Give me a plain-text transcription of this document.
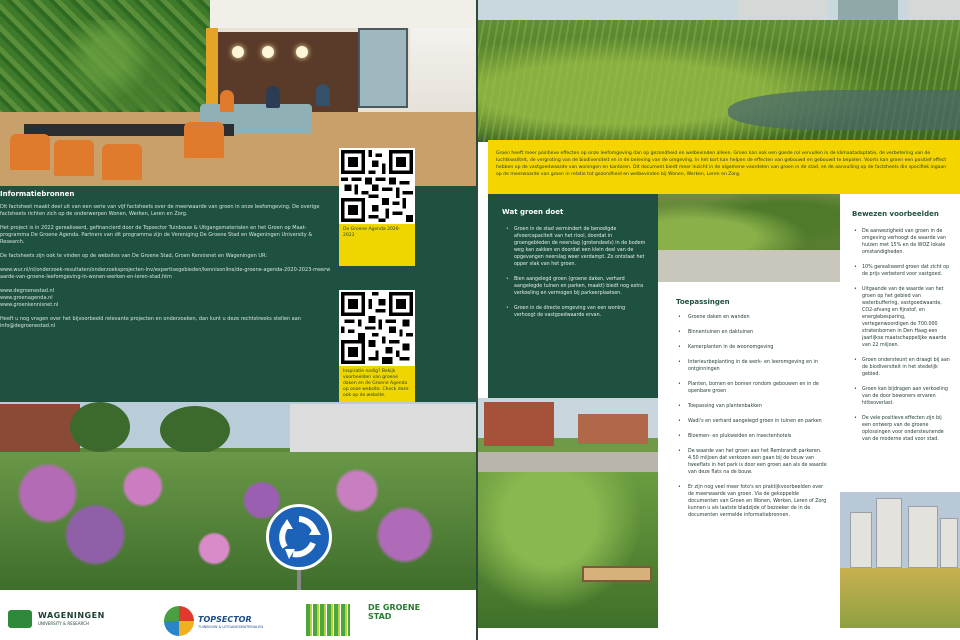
De Groene Agenda 2020-2023
Inspiratie nodig? Bekijk voorbeelden van groene daken en de Groene Agenda op onze website. Check deze ook op de website.
Informatiebronnen

Dit factsheet maakt deel uit van een serie van vijf factsheets over de meerwaarde van groen in onze leefomgeving. De overige factsheets richten zich op de onderwerpen Wonen, Werken, Leren en Zorg.

Het project is in 2022 gerealiseerd, gefinancierd door de Topsector Tuinbouw & Uitgangsmaterialen en het Groen op Maat-programma De Groene Agenda. Partners van dit programma zijn de Vereniging De Groene Stad en Wageningen University & Research.

De factsheets zijn ook te vinden op de websites van De Groene Stad, Groen Kennisnet en Wageningen UR:

www.wur.nl/nl/onderzoek-resultaten/onderzoeksprojecten-lnv/expertisegebieden/kennisonline/de-groene-agenda-2020-2023-meerwaarde-van-groene-leefomgeving-in-wonen-werken-en-leren-stad.htm

www.degroenestad.nl
www.groenagenda.nl
www.groenkennisnet.nl

Heeft u nog vragen over het bijvoorbeeld relevante projecten en onderzoeken, dan kunt u deze rechtstreeks stellen aan info@degroenestad.nl

WAGENINGEN
UNIVERSITY & RESEARCH	TOPSECTOR
TUINBOUW & UITGANGSMATERIALEN
DE GROENE STAD
Groen heeft meer positieve effecten op onze leefomgeving dan op gezondheid en welbevinden alleen. Groen kan ook een goede rol vervullen in de klimaatadaptatie, de verbetering van de luchtkwaliteit, de vergroting van de biodiversiteit en in de beleving van de omgeving. In het kort kan helpen de effecten van gebouwd en gebouwd te bepalen. Voorts kan groen een positief effect hebben op de vastgoedwaarde van woningen en kantoren. Dit document biedt meer inzicht in de algemene voordelen van groen in de stad, en de aanvulling op de factsheets die specifiek ingaan op de meerwaarde van groen in relatie tot gezondheid en welbevinden bij Wonen, Werken, Leren en Zorg.
Wat groen doet
• Groen in de stad vermindert de benodigde afvoercapaciteit van het riool, doordat in groengebieden de neerslag (grotendeels) in de bodem weg kan zakken en doordat een klein deel van de opgevangen neerslag weer verdampt. Zo ontstaat het opper vlak van het groen.
• Bien aangelegd groen (groene daken, verhard aangelegde tuinen en parken, maakt) biedt nog extra verkoeling en vermogen bij parkeerplaatsen.
• Groen in de directe omgeving van een woning verhoogt de vastgoedwaarde ervan.
Toepassingen
• Groene daken en wanden
• Binnentuinen en daktuinen
• Kamerplanten in de woonomgeving
• Interieurbeplanting in de werk- en leeromgeving en in ontginningen
• Planten, bomen en bomen rondom gebouwen en in de openbare groen
• Toepassing van plantenbakken
• Wadi's en verhard aangelegd groen in tuinen en parken
• Bloemen- en plukweiden en insectenhotels
• De waarde van het groen aan het Rembrandt parkeren. 4.50 miljoen dat verkozen een gaan bij de bouw van tweeflats in het park is door een groen aan als de waarde van deze flats na de bouw.
• Er zijn nog veel meer foto's en praktijkvoorbeelden over de meerwaarde van groen. Via de gekoppelde documenten van Groen en Wonen, Werken, Leren of Zorg kunnen u als laatste bladzijde of bezoeker de in de documenten vermelde informatiebronnen.
Bewezen voorbeelden
• De aanwezigheid van groen in de omgeving verhoogt de waarde van huizen met 15% en de WOZ lokale omstandigheden.
• 10% gerealiseerd groen dat zicht op de prijs verbeterd voor vastgoed.
• Uitgaande van de waarde van het groen op het gebied van waterbuffering, vastgoedwaarde, CO2-afvang en fijnstof, en energiebesparing, vertegenwoordigen de 700.000 stratenbomen in Den Haag een jaarlijkse maatschappelijke waarde van 22 miljoen.
• Groen ondersteunt en draagt bij aan de biodiversiteit in het stedelijk gebied.
• Groen kan bijdragen aan verkoeling van de door bewoners ervaren hitteoverlast.
• De vele positieve effecten zijn bij een ontwerp van de groene oplossingen voor ondersteunende van de moderne stad voor stad.
